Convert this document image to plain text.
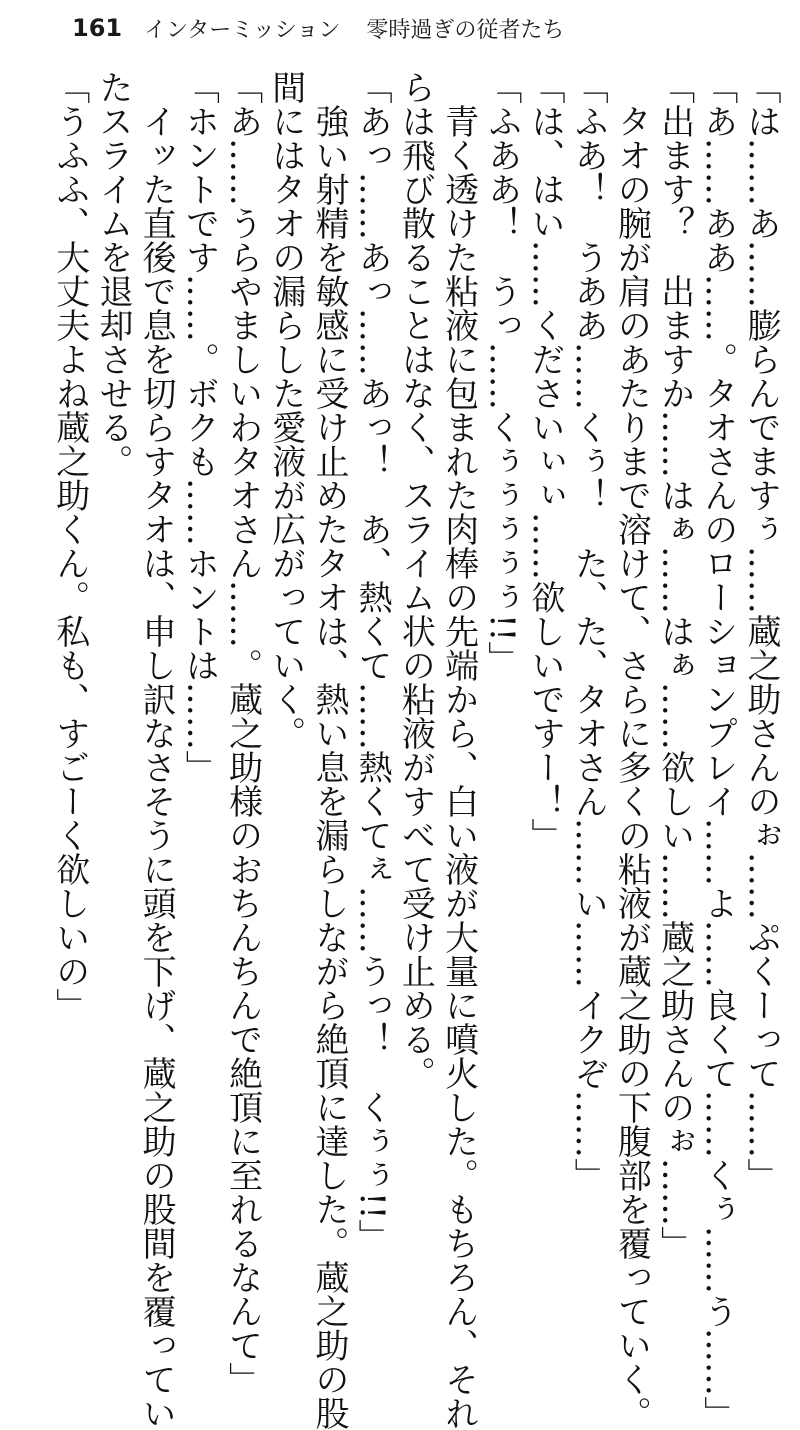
161 インターミッション 零時過ぎの従者たち
「は……あ……膨らんでますぅ……蔵之助さんのぉ……ぷくーって……」
「あ……ああ……。タオさんのローションプレイ……よ……良くて……くぅ……う……」
「出ます？　出ますか……はぁ……はぁ……欲しい……蔵之助さんのぉ……」
　タオの腕が肩のあたりまで溶けて、さらに多くの粘液が蔵之助の下腹部を覆っていく。
「ふあ！　うああ……くぅ！　た、た、タオさん……い……イクぞ……」
「は、はい……くださいぃぃ……欲しいですー！」
「ふああ！　うっ……くぅぅぅぅぅ!!」
　青く透けた粘液に包まれた肉棒の先端から、白い液が大量に噴火した。もちろん、それ
らは飛び散ることはなく、スライム状の粘液がすべて受け止める。
「あっ……あっ……あっ！　あ、熱くて……熱くてぇ……うっ！　くぅぅ!!」
　強い射精を敏感に受け止めたタオは、熱い息を漏らしながら絶頂に達した。蔵之助の股
間にはタオの漏らした愛液が広がっていく。
「あ……うらやましいわタオさん……。蔵之助様のおちんちんで絶頂に至れるなんて」
「ホントです……。ボクも……ホントは……」
　イッた直後で息を切らすタオは、申し訳なさそうに頭を下げ、蔵之助の股間を覆ってい
たスライムを退却させる。
「うふふ、大丈夫よね蔵之助くん。私も、すごーく欲しいの」
